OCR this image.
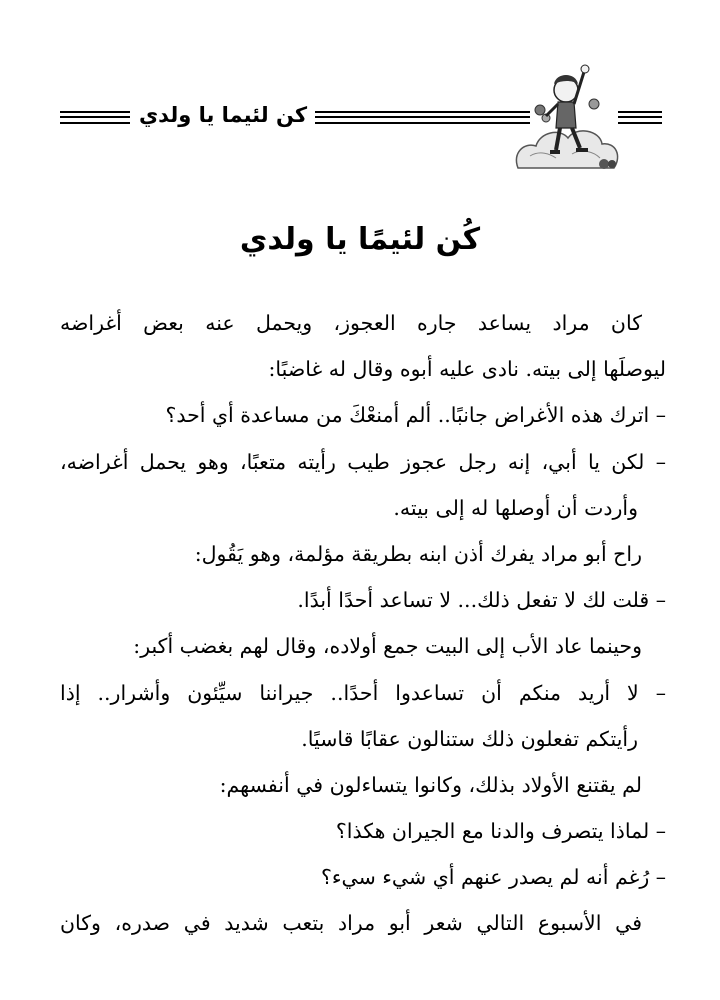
كن لئيما يا ولدي
كُن لئيمًا يا ولدي
كان مراد يساعد جاره العجوز، ويحمل عنه بعض أغراضه
ليوصلَها إلى بيته. نادى عليه أبوه وقال له غاضبًا:
– اترك هذه الأغراض جانبًا.. ألم أمنعْكَ من مساعدة أي أحد؟
– لكن يا أبي، إنه رجل عجوز طيب رأيته متعبًا، وهو يحمل أغراضه،
وأردت أن أوصلها له إلى بيته.
راح أبو مراد يفرك أذن ابنه بطريقة مؤلمة، وهو يَقُول:
– قلت لك لا تفعل ذلك... لا تساعد أحدًا أبدًا.
وحينما عاد الأب إلى البيت جمع أولاده، وقال لهم بغضب أكبر:
– لا أريد منكم أن تساعدوا أحدًا.. جيراننا سيِّئون وأشرار.. إذا
رأيتكم تفعلون ذلك ستنالون عقابًا قاسيًا.
لم يقتنع الأولاد بذلك، وكانوا يتساءلون في أنفسهم:
– لماذا يتصرف والدنا مع الجيران هكذا؟
– رُغم أنه لم يصدر عنهم أي شيء سيء؟
في الأسبوع التالي شعر أبو مراد بتعب شديد في صدره، وكان
